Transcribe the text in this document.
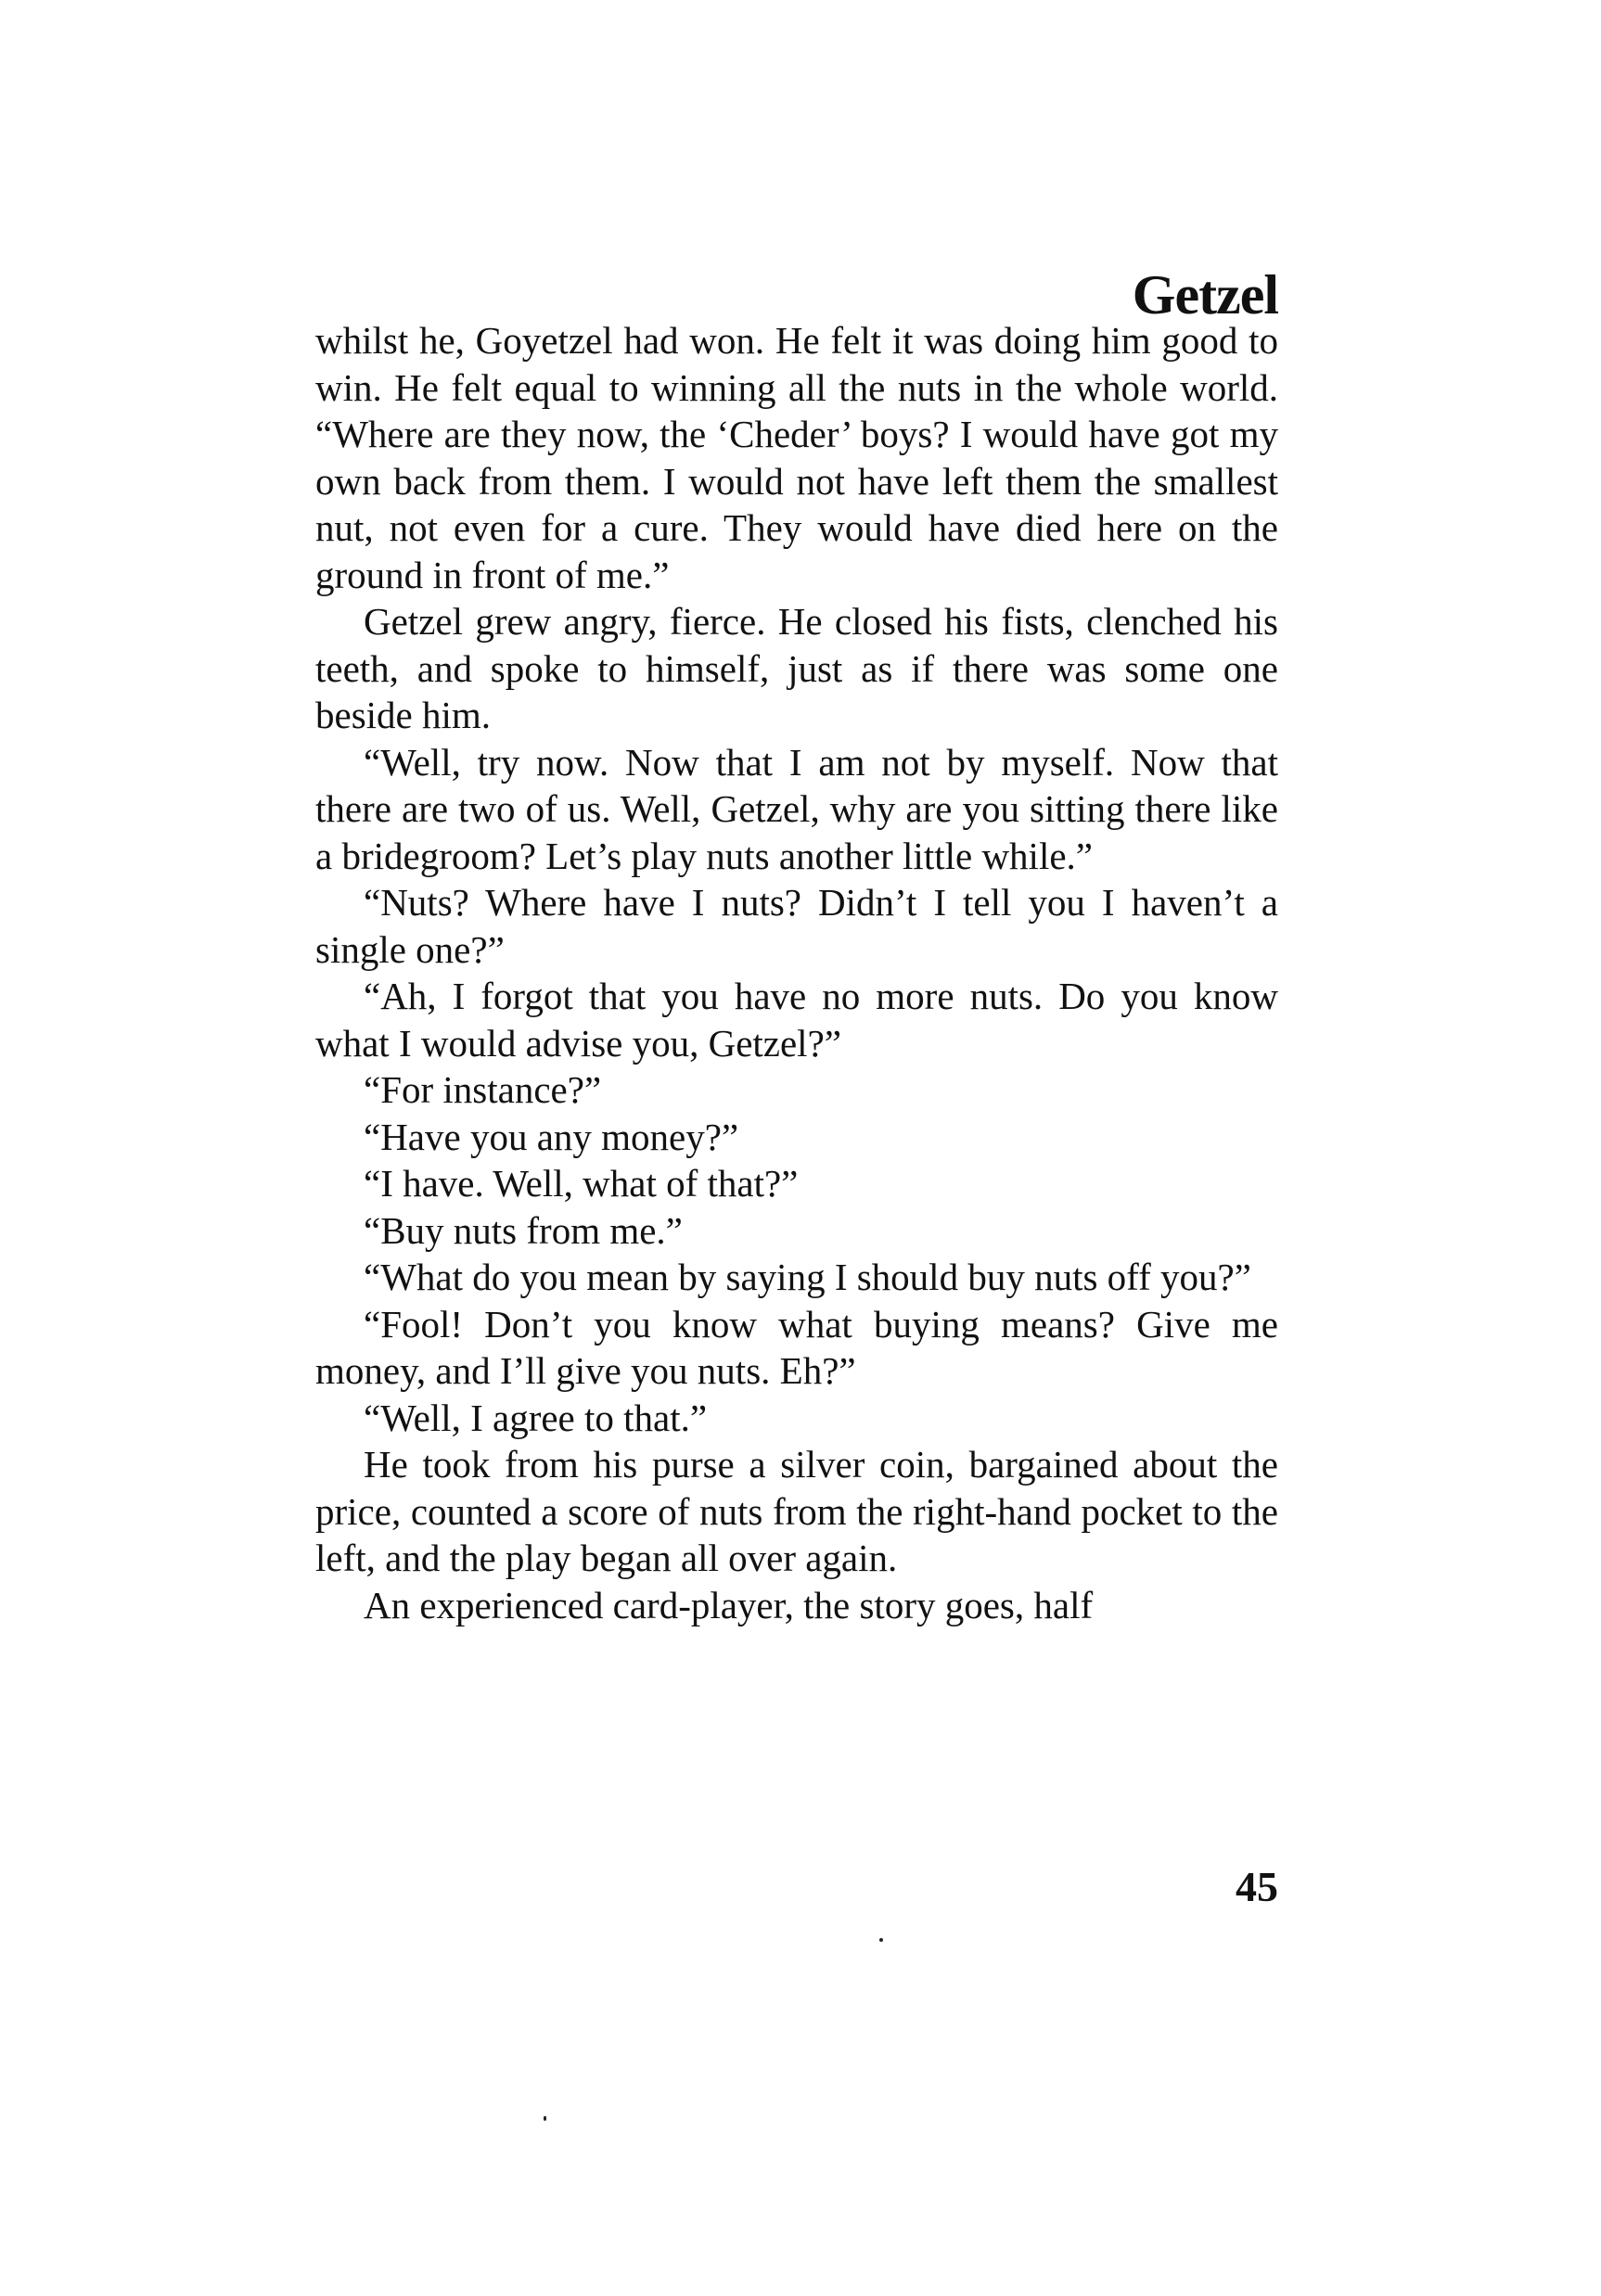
Getzel

whilst he, Goyetzel had won. He felt it was doing him good to win. He felt equal to winning all the nuts in the whole world. “Where are they now, the ‘Cheder’ boys? I would have got my own back from them. I would not have left them the smallest nut, not even for a cure. They would have died here on the ground in front of me.”

Getzel grew angry, fierce. He closed his fists, clenched his teeth, and spoke to himself, just as if there was some one beside him.

“Well, try now. Now that I am not by myself. Now that there are two of us. Well, Getzel, why are you sitting there like a bridegroom? Let’s play nuts another little while.”

“Nuts? Where have I nuts? Didn’t I tell you I haven’t a single one?”

“Ah, I forgot that you have no more nuts. Do you know what I would advise you, Getzel?”

“For instance?”

“Have you any money?”

“I have. Well, what of that?”

“Buy nuts from me.”

“What do you mean by saying I should buy nuts off you?”

“Fool! Don’t you know what buying means? Give me money, and I’ll give you nuts. Eh?”

“Well, I agree to that.”

He took from his purse a silver coin, bargained about the price, counted a score of nuts from the right-hand pocket to the left, and the play began all over again.

An experienced card-player, the story goes, half

45
